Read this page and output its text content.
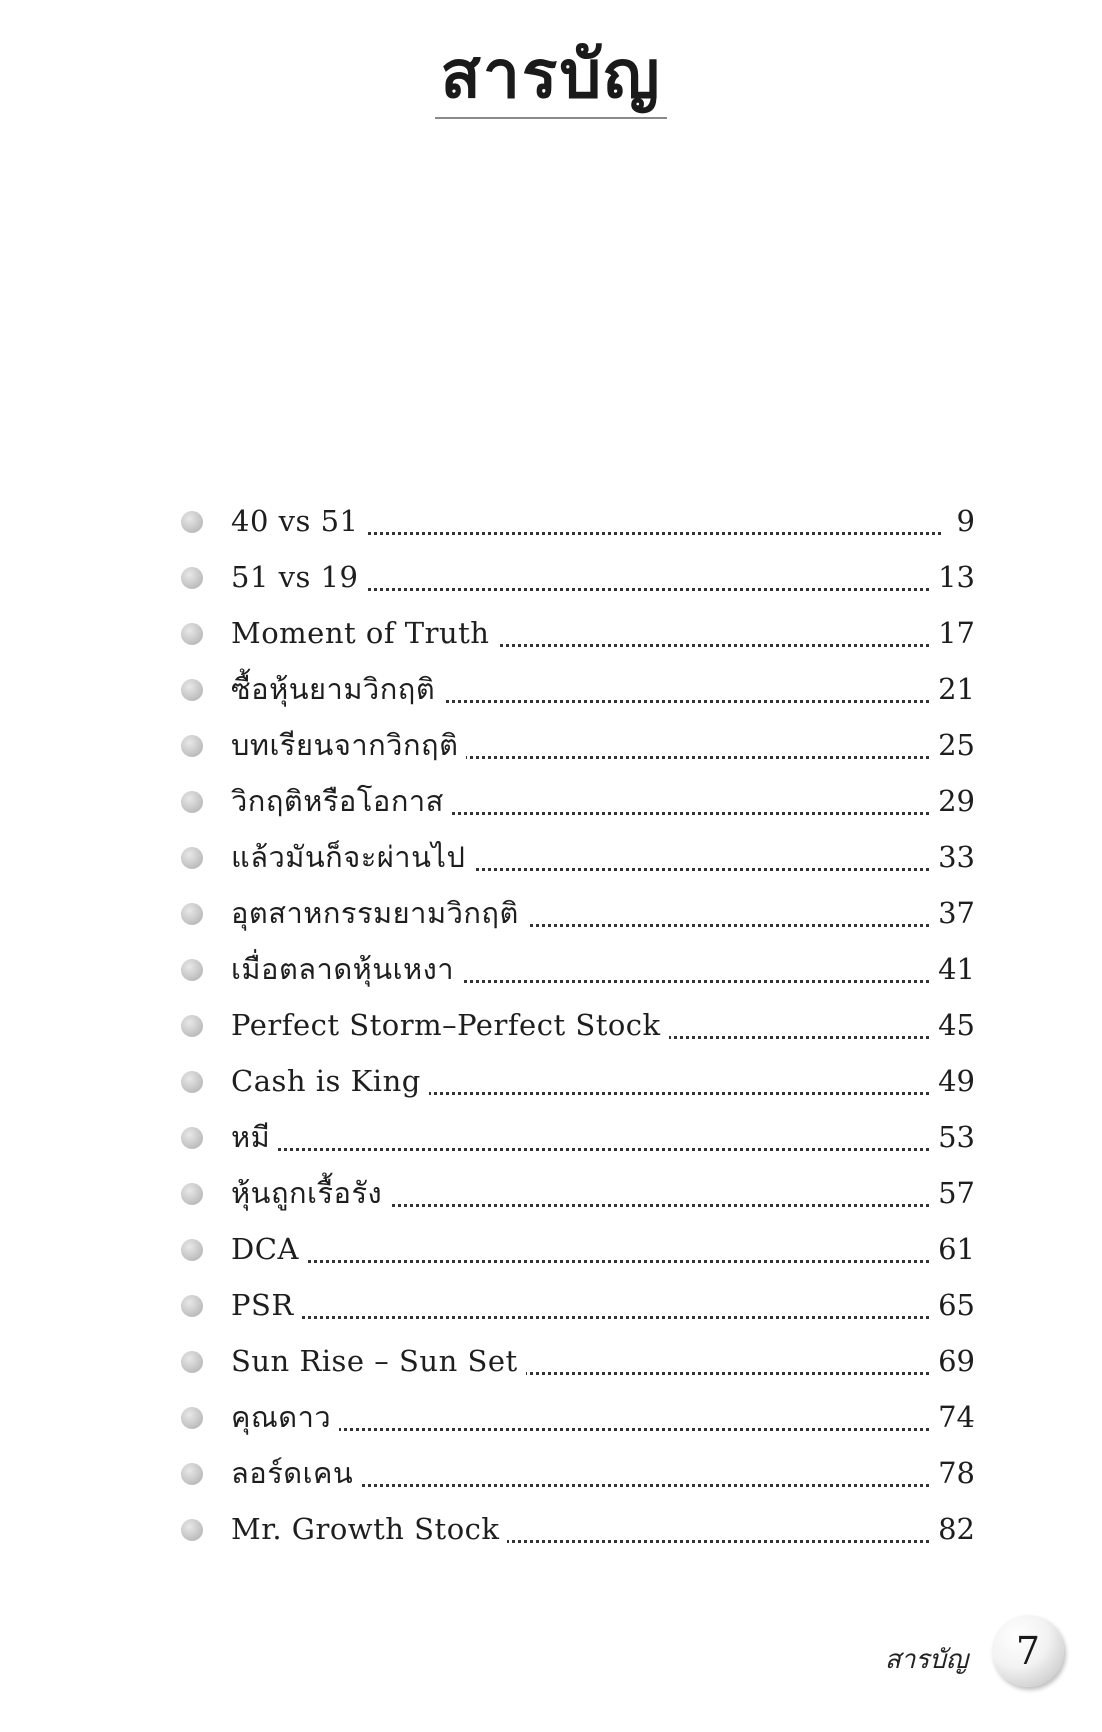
สารบัญ
40 vs 51	9
51 vs 19	13
Moment of Truth	17
ซื้อหุ้นยามวิกฤติ	21
บทเรียนจากวิกฤติ	25
วิกฤติหรือโอกาส	29
แล้วมันก็จะผ่านไป	33
อุตสาหกรรมยามวิกฤติ	37
เมื่อตลาดหุ้นเหงา	41
Perfect Storm–Perfect Stock	45
Cash is King	49
หมี	53
หุ้นถูกเรื้อรัง	57
DCA	61
PSR	65
Sun Rise – Sun Set	69
คุณดาว	74
ลอร์ดเคน	78
Mr. Growth Stock	82
สารบัญ	7
